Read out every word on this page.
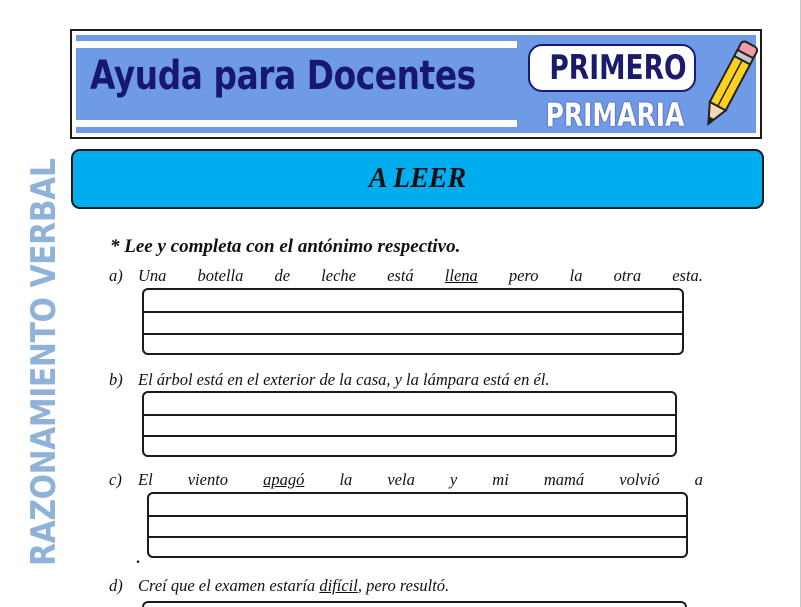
Ayuda para Docentes	PRIMERO
PRIMARIA
A LEER
RAZONAMIENTO VERBAL * Lee y completa con el antónimo respectivo.
a) Una botella de leche está llena pero la otra esta.
b) El árbol está en el exterior de la casa, y la lámpara está en él.
c) El viento apagó la vela y mi mamá volvió a
.
d) Creí que el examen estaría difícil, pero resultó.
